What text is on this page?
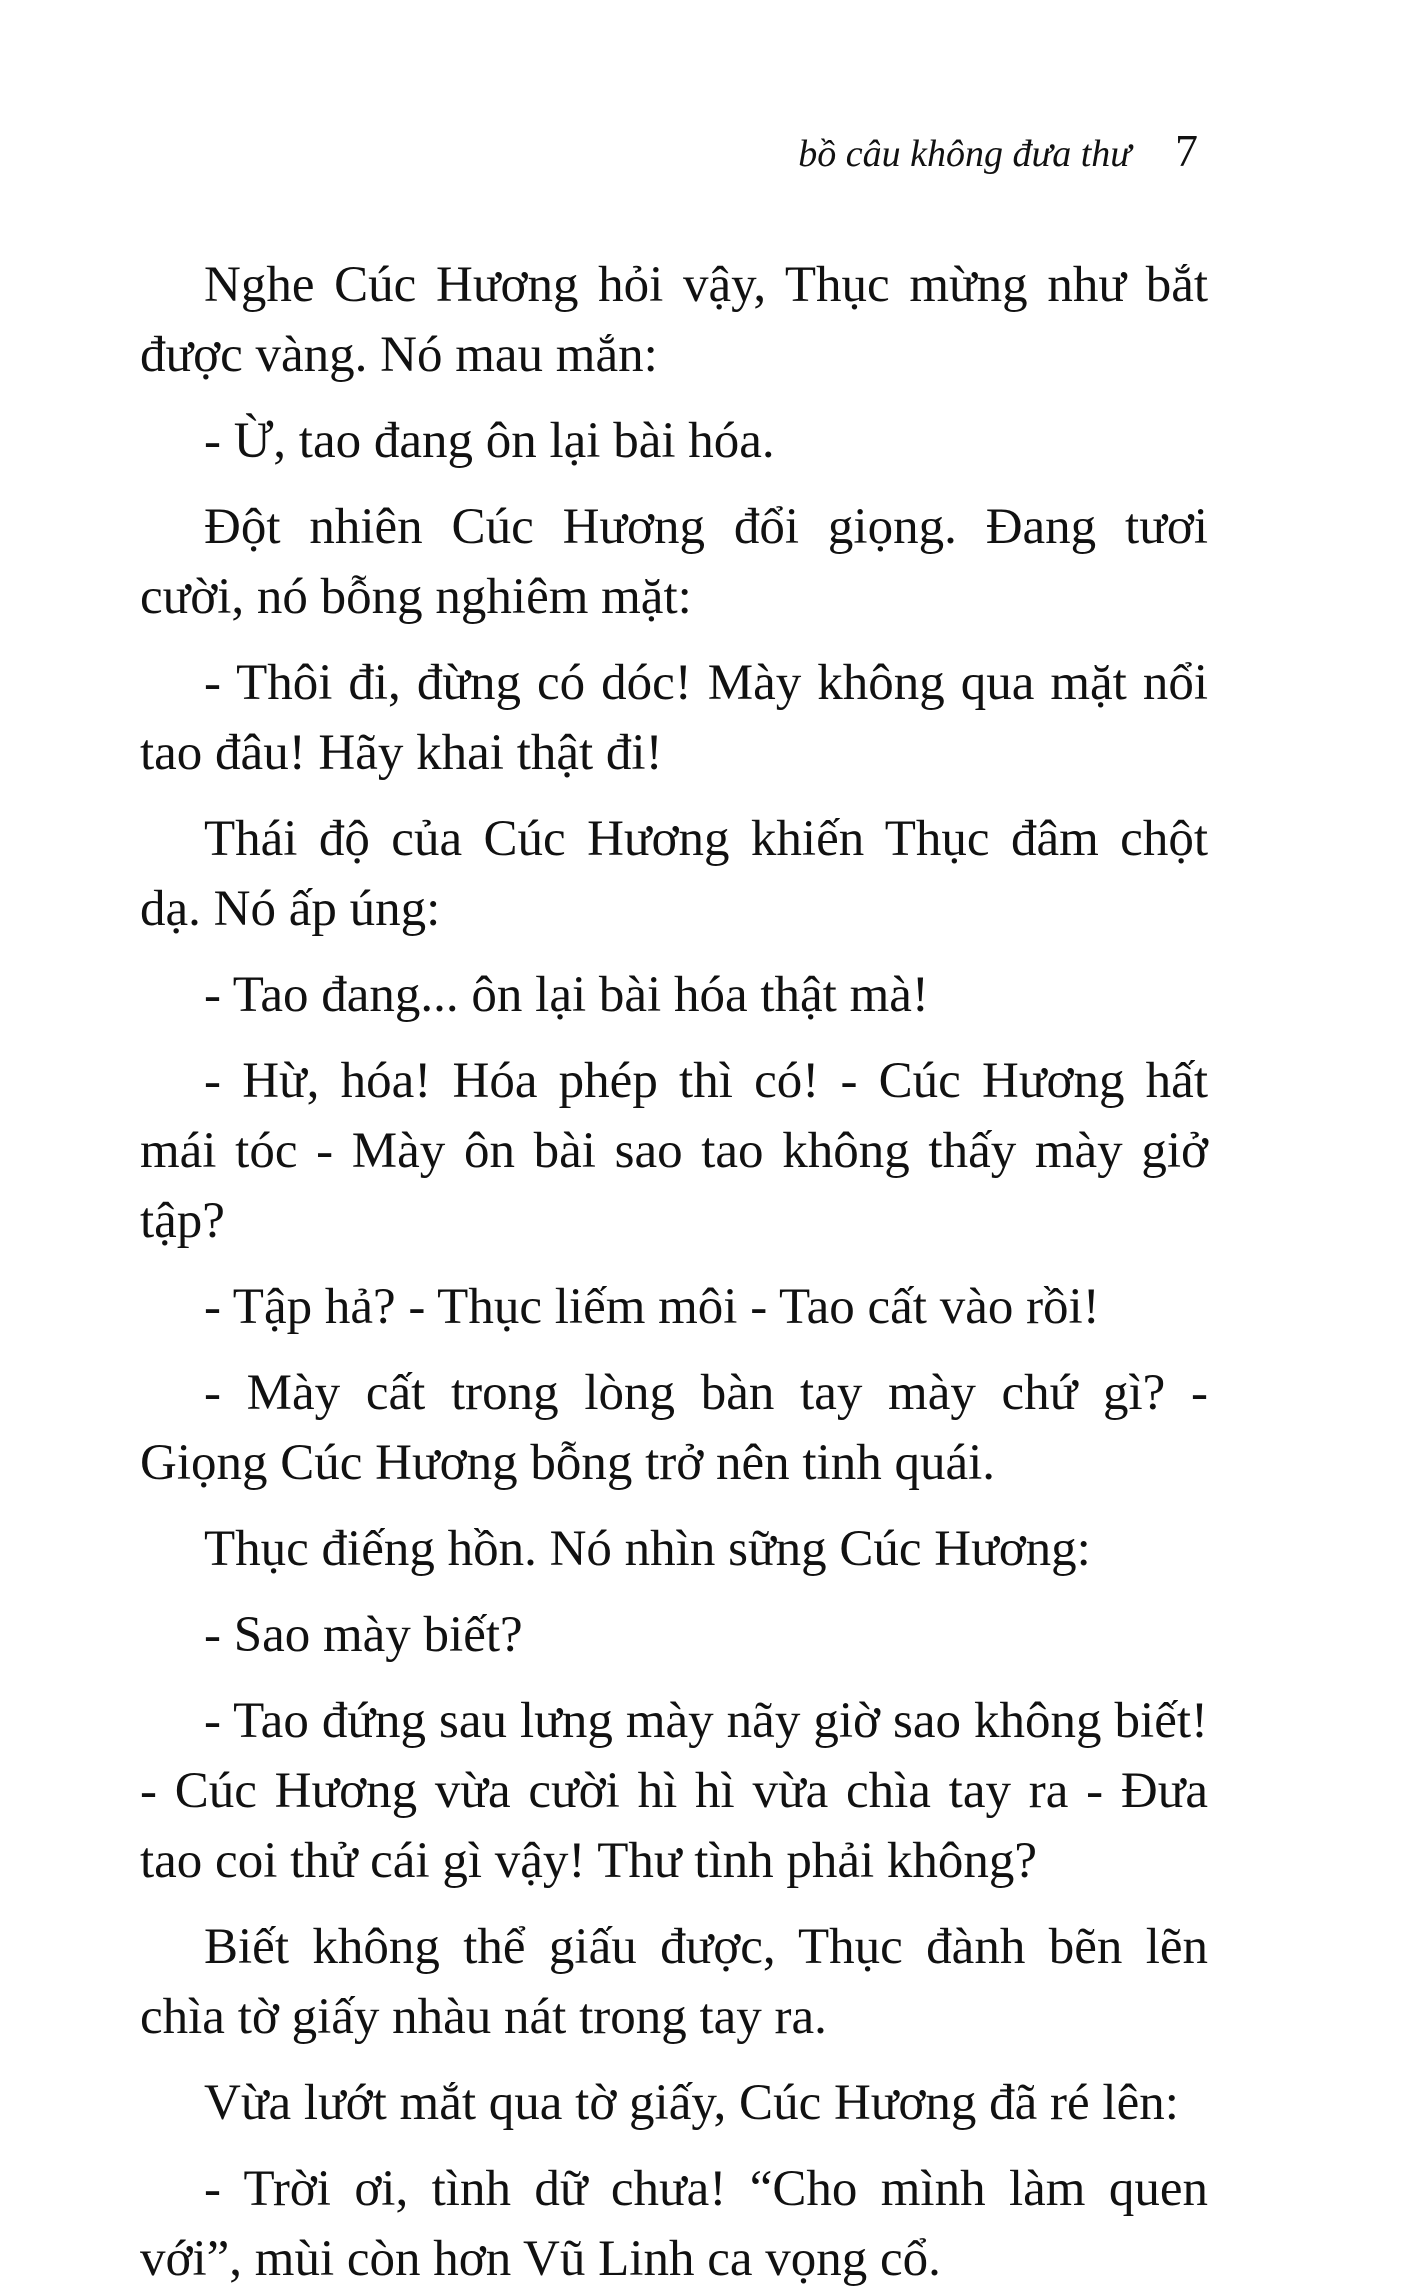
bồ câu không đưa thư 7

Nghe Cúc Hương hỏi vậy, Thục mừng như bắt được vàng. Nó mau mắn:

- Ừ, tao đang ôn lại bài hóa.

Đột nhiên Cúc Hương đổi giọng. Đang tươi cười, nó bỗng nghiêm mặt:

- Thôi đi, đừng có dóc! Mày không qua mặt nổi tao đâu! Hãy khai thật đi!

Thái độ của Cúc Hương khiến Thục đâm chột dạ. Nó ấp úng:

- Tao đang... ôn lại bài hóa thật mà!

- Hừ, hóa! Hóa phép thì có! - Cúc Hương hất mái tóc - Mày ôn bài sao tao không thấy mày giở tập?

- Tập hả? - Thục liếm môi - Tao cất vào rồi!

- Mày cất trong lòng bàn tay mày chứ gì? - Giọng Cúc Hương bỗng trở nên tinh quái.

Thục điếng hồn. Nó nhìn sững Cúc Hương:

- Sao mày biết?

- Tao đứng sau lưng mày nãy giờ sao không biết! - Cúc Hương vừa cười hì hì vừa chìa tay ra - Đưa tao coi thử cái gì vậy! Thư tình phải không?

Biết không thể giấu được, Thục đành bẽn lẽn chìa tờ giấy nhàu nát trong tay ra.

Vừa lướt mắt qua tờ giấy, Cúc Hương đã ré lên:

- Trời ơi, tình dữ chưa! “Cho mình làm quen với”, mùi còn hơn Vũ Linh ca vọng cổ.
